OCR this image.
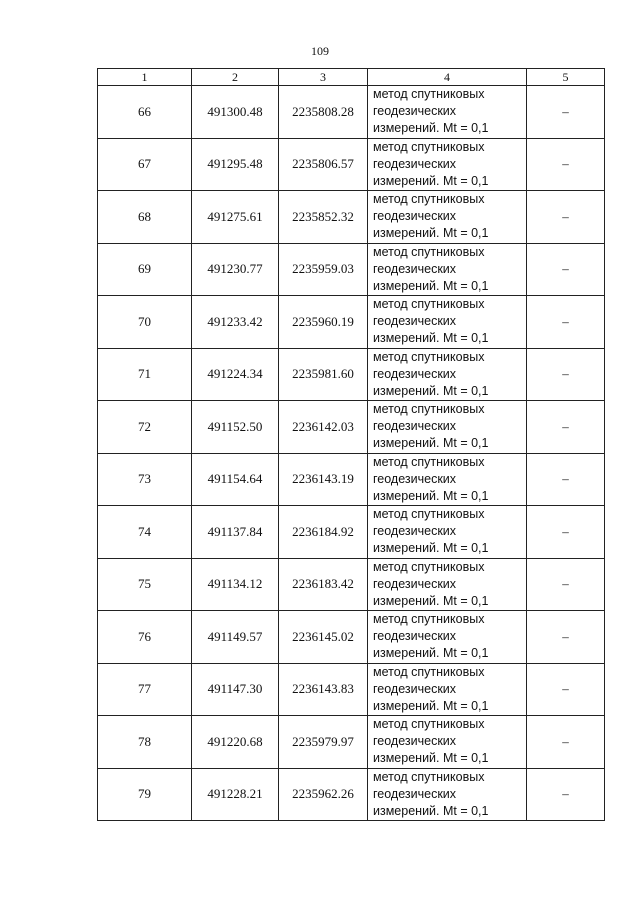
109
1	2	3	4	5
66	491300.48	2235808.28	метод спутниковых
геодезических
измерений. Mt = 0,1	–
67	491295.48	2235806.57	метод спутниковых
геодезических
измерений. Mt = 0,1	–
68	491275.61	2235852.32	метод спутниковых
геодезических
измерений. Mt = 0,1	–
69	491230.77	2235959.03	метод спутниковых
геодезических
измерений. Mt = 0,1	–
70	491233.42	2235960.19	метод спутниковых
геодезических
измерений. Mt = 0,1	–
71	491224.34	2235981.60	метод спутниковых
геодезических
измерений. Mt = 0,1	–
72	491152.50	2236142.03	метод спутниковых
геодезических
измерений. Mt = 0,1	–
73	491154.64	2236143.19	метод спутниковых
геодезических
измерений. Mt = 0,1	–
74	491137.84	2236184.92	метод спутниковых
геодезических
измерений. Mt = 0,1	–
75	491134.12	2236183.42	метод спутниковых
геодезических
измерений. Mt = 0,1	–
76	491149.57	2236145.02	метод спутниковых
геодезических
измерений. Mt = 0,1	–
77	491147.30	2236143.83	метод спутниковых
геодезических
измерений. Mt = 0,1	–
78	491220.68	2235979.97	метод спутниковых
геодезических
измерений. Mt = 0,1	–
79	491228.21	2235962.26	метод спутниковых
геодезических
измерений. Mt = 0,1	–
